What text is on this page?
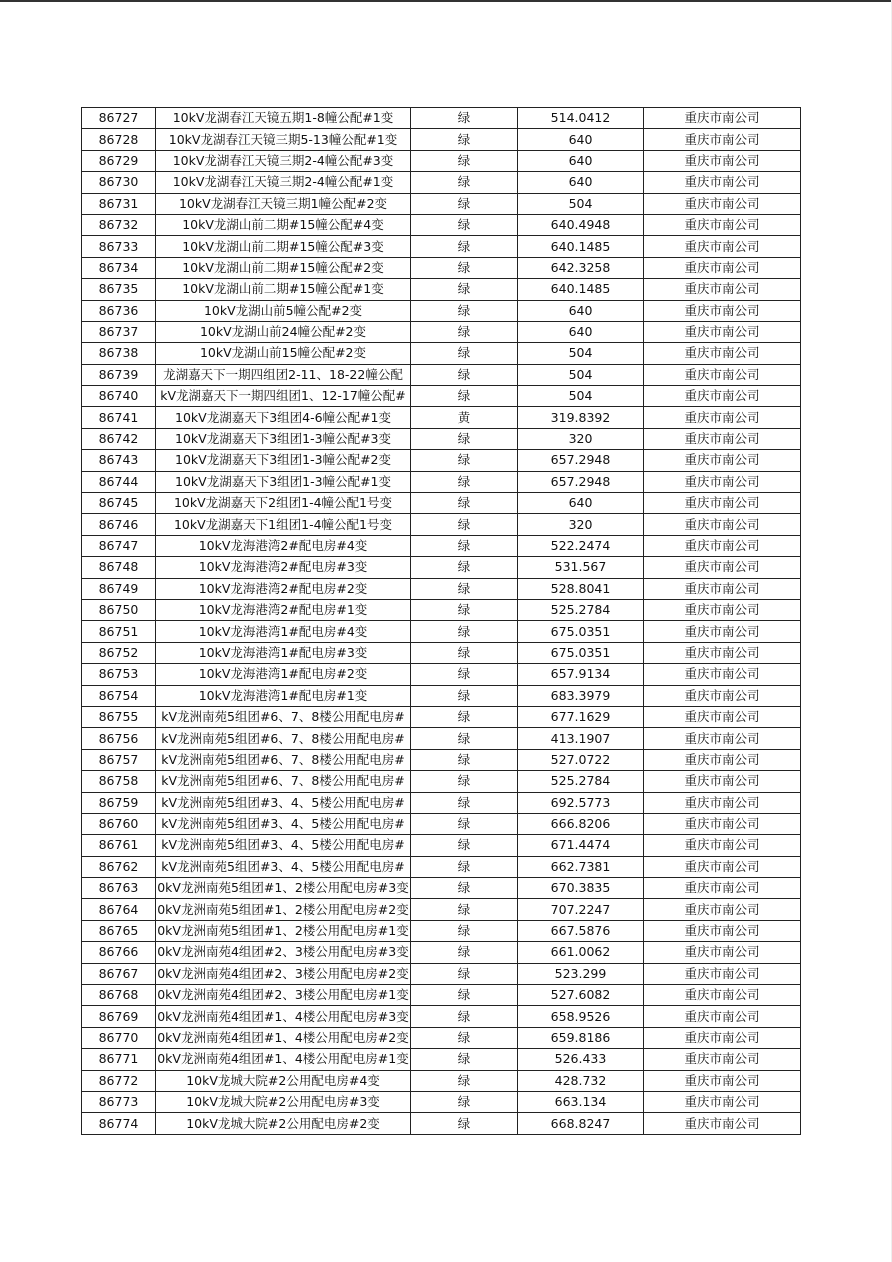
86727	10kV龙湖春江天镜五期1-8幢公配#1变	绿	514.0412	重庆市南公司
86728	10kV龙湖春江天镜三期5-13幢公配#1变	绿	640	重庆市南公司
86729	10kV龙湖春江天镜三期2-4幢公配#3变	绿	640	重庆市南公司
86730	10kV龙湖春江天镜三期2-4幢公配#1变	绿	640	重庆市南公司
86731	10kV龙湖春江天镜三期1幢公配#2变	绿	504	重庆市南公司
86732	10kV龙湖山前二期#15幢公配#4变	绿	640.4948	重庆市南公司
86733	10kV龙湖山前二期#15幢公配#3变	绿	640.1485	重庆市南公司
86734	10kV龙湖山前二期#15幢公配#2变	绿	642.3258	重庆市南公司
86735	10kV龙湖山前二期#15幢公配#1变	绿	640.1485	重庆市南公司
86736	10kV龙湖山前5幢公配#2变	绿	640	重庆市南公司
86737	10kV龙湖山前24幢公配#2变	绿	640	重庆市南公司
86738	10kV龙湖山前15幢公配#2变	绿	504	重庆市南公司
86739	龙湖嘉天下一期四组团2-11、18-22幢公配	绿	504	重庆市南公司
86740	kV龙湖嘉天下一期四组团1、12-17幢公配#	绿	504	重庆市南公司
86741	10kV龙湖嘉天下3组团4-6幢公配#1变	黄	319.8392	重庆市南公司
86742	10kV龙湖嘉天下3组团1-3幢公配#3变	绿	320	重庆市南公司
86743	10kV龙湖嘉天下3组团1-3幢公配#2变	绿	657.2948	重庆市南公司
86744	10kV龙湖嘉天下3组团1-3幢公配#1变	绿	657.2948	重庆市南公司
86745	10kV龙湖嘉天下2组团1-4幢公配1号变	绿	640	重庆市南公司
86746	10kV龙湖嘉天下1组团1-4幢公配1号变	绿	320	重庆市南公司
86747	10kV龙海港湾2#配电房#4变	绿	522.2474	重庆市南公司
86748	10kV龙海港湾2#配电房#3变	绿	531.567	重庆市南公司
86749	10kV龙海港湾2#配电房#2变	绿	528.8041	重庆市南公司
86750	10kV龙海港湾2#配电房#1变	绿	525.2784	重庆市南公司
86751	10kV龙海港湾1#配电房#4变	绿	675.0351	重庆市南公司
86752	10kV龙海港湾1#配电房#3变	绿	675.0351	重庆市南公司
86753	10kV龙海港湾1#配电房#2变	绿	657.9134	重庆市南公司
86754	10kV龙海港湾1#配电房#1变	绿	683.3979	重庆市南公司
86755	kV龙洲南苑5组团#6、7、8楼公用配电房#	绿	677.1629	重庆市南公司
86756	kV龙洲南苑5组团#6、7、8楼公用配电房#	绿	413.1907	重庆市南公司
86757	kV龙洲南苑5组团#6、7、8楼公用配电房#	绿	527.0722	重庆市南公司
86758	kV龙洲南苑5组团#6、7、8楼公用配电房#	绿	525.2784	重庆市南公司
86759	kV龙洲南苑5组团#3、4、5楼公用配电房#	绿	692.5773	重庆市南公司
86760	kV龙洲南苑5组团#3、4、5楼公用配电房#	绿	666.8206	重庆市南公司
86761	kV龙洲南苑5组团#3、4、5楼公用配电房#	绿	671.4474	重庆市南公司
86762	kV龙洲南苑5组团#3、4、5楼公用配电房#	绿	662.7381	重庆市南公司
86763	0kV龙洲南苑5组团#1、2楼公用配电房#3变	绿	670.3835	重庆市南公司
86764	0kV龙洲南苑5组团#1、2楼公用配电房#2变	绿	707.2247	重庆市南公司
86765	0kV龙洲南苑5组团#1、2楼公用配电房#1变	绿	667.5876	重庆市南公司
86766	0kV龙洲南苑4组团#2、3楼公用配电房#3变	绿	661.0062	重庆市南公司
86767	0kV龙洲南苑4组团#2、3楼公用配电房#2变	绿	523.299	重庆市南公司
86768	0kV龙洲南苑4组团#2、3楼公用配电房#1变	绿	527.6082	重庆市南公司
86769	0kV龙洲南苑4组团#1、4楼公用配电房#3变	绿	658.9526	重庆市南公司
86770	0kV龙洲南苑4组团#1、4楼公用配电房#2变	绿	659.8186	重庆市南公司
86771	0kV龙洲南苑4组团#1、4楼公用配电房#1变	绿	526.433	重庆市南公司
86772	10kV龙城大院#2公用配电房#4变	绿	428.732	重庆市南公司
86773	10kV龙城大院#2公用配电房#3变	绿	663.134	重庆市南公司
86774	10kV龙城大院#2公用配电房#2变	绿	668.8247	重庆市南公司
